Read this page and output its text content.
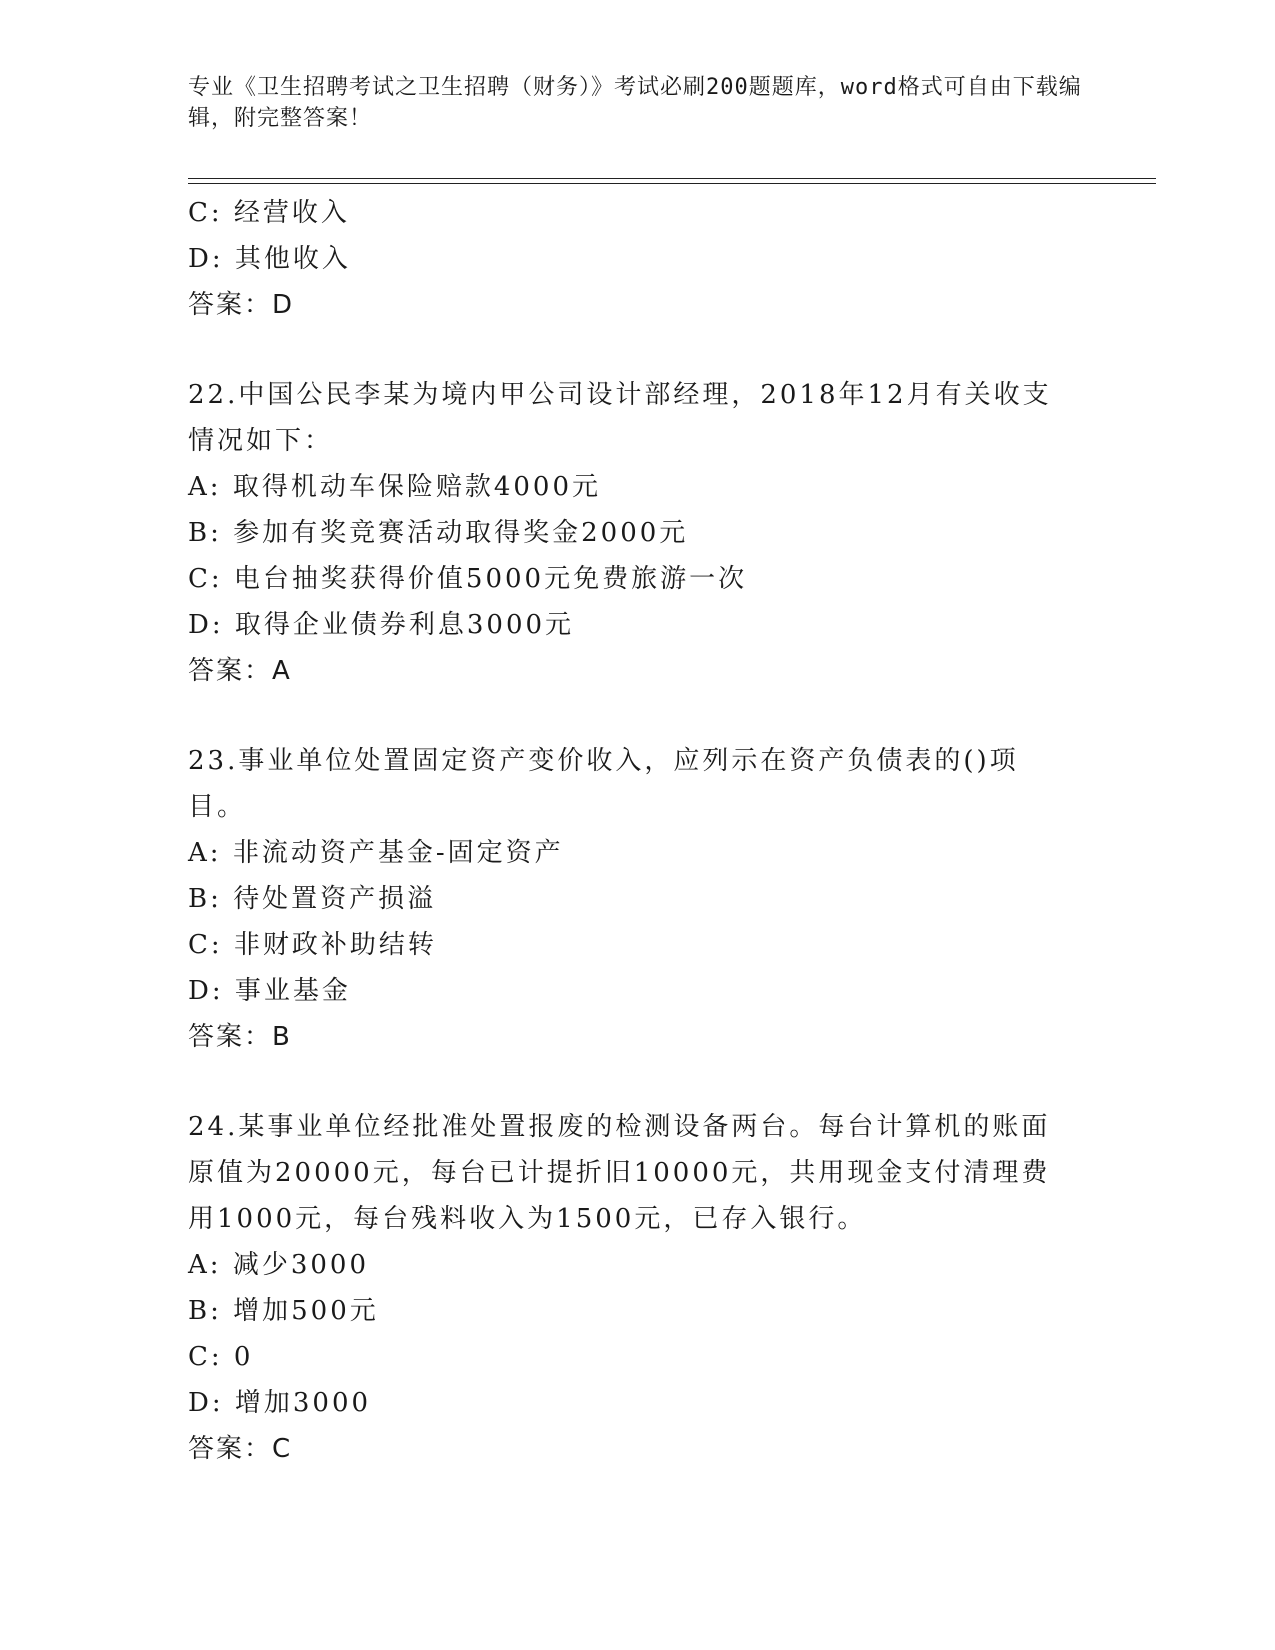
专业《卫生招聘考试之卫生招聘（财务）》考试必刷200题题库，word格式可自由下载编辑，附完整答案！
C: 经营收入
D: 其他收入
答案：D
22.中国公民李某为境内甲公司设计部经理，2018年12月有关收支情况如下：
A: 取得机动车保险赔款4000元
B: 参加有奖竞赛活动取得奖金2000元
C: 电台抽奖获得价值5000元免费旅游一次
D: 取得企业债券利息3000元
答案：A
23.事业单位处置固定资产变价收入，应列示在资产负债表的()项目。
A: 非流动资产基金-固定资产
B: 待处置资产损溢
C: 非财政补助结转
D: 事业基金
答案：B
24.某事业单位经批准处置报废的检测设备两台。每台计算机的账面原值为20000元，每台已计提折旧10000元，共用现金支付清理费用1000元，每台残料收入为1500元，已存入银行。
A: 减少3000
B: 增加500元
C: 0
D: 增加3000
答案：C
